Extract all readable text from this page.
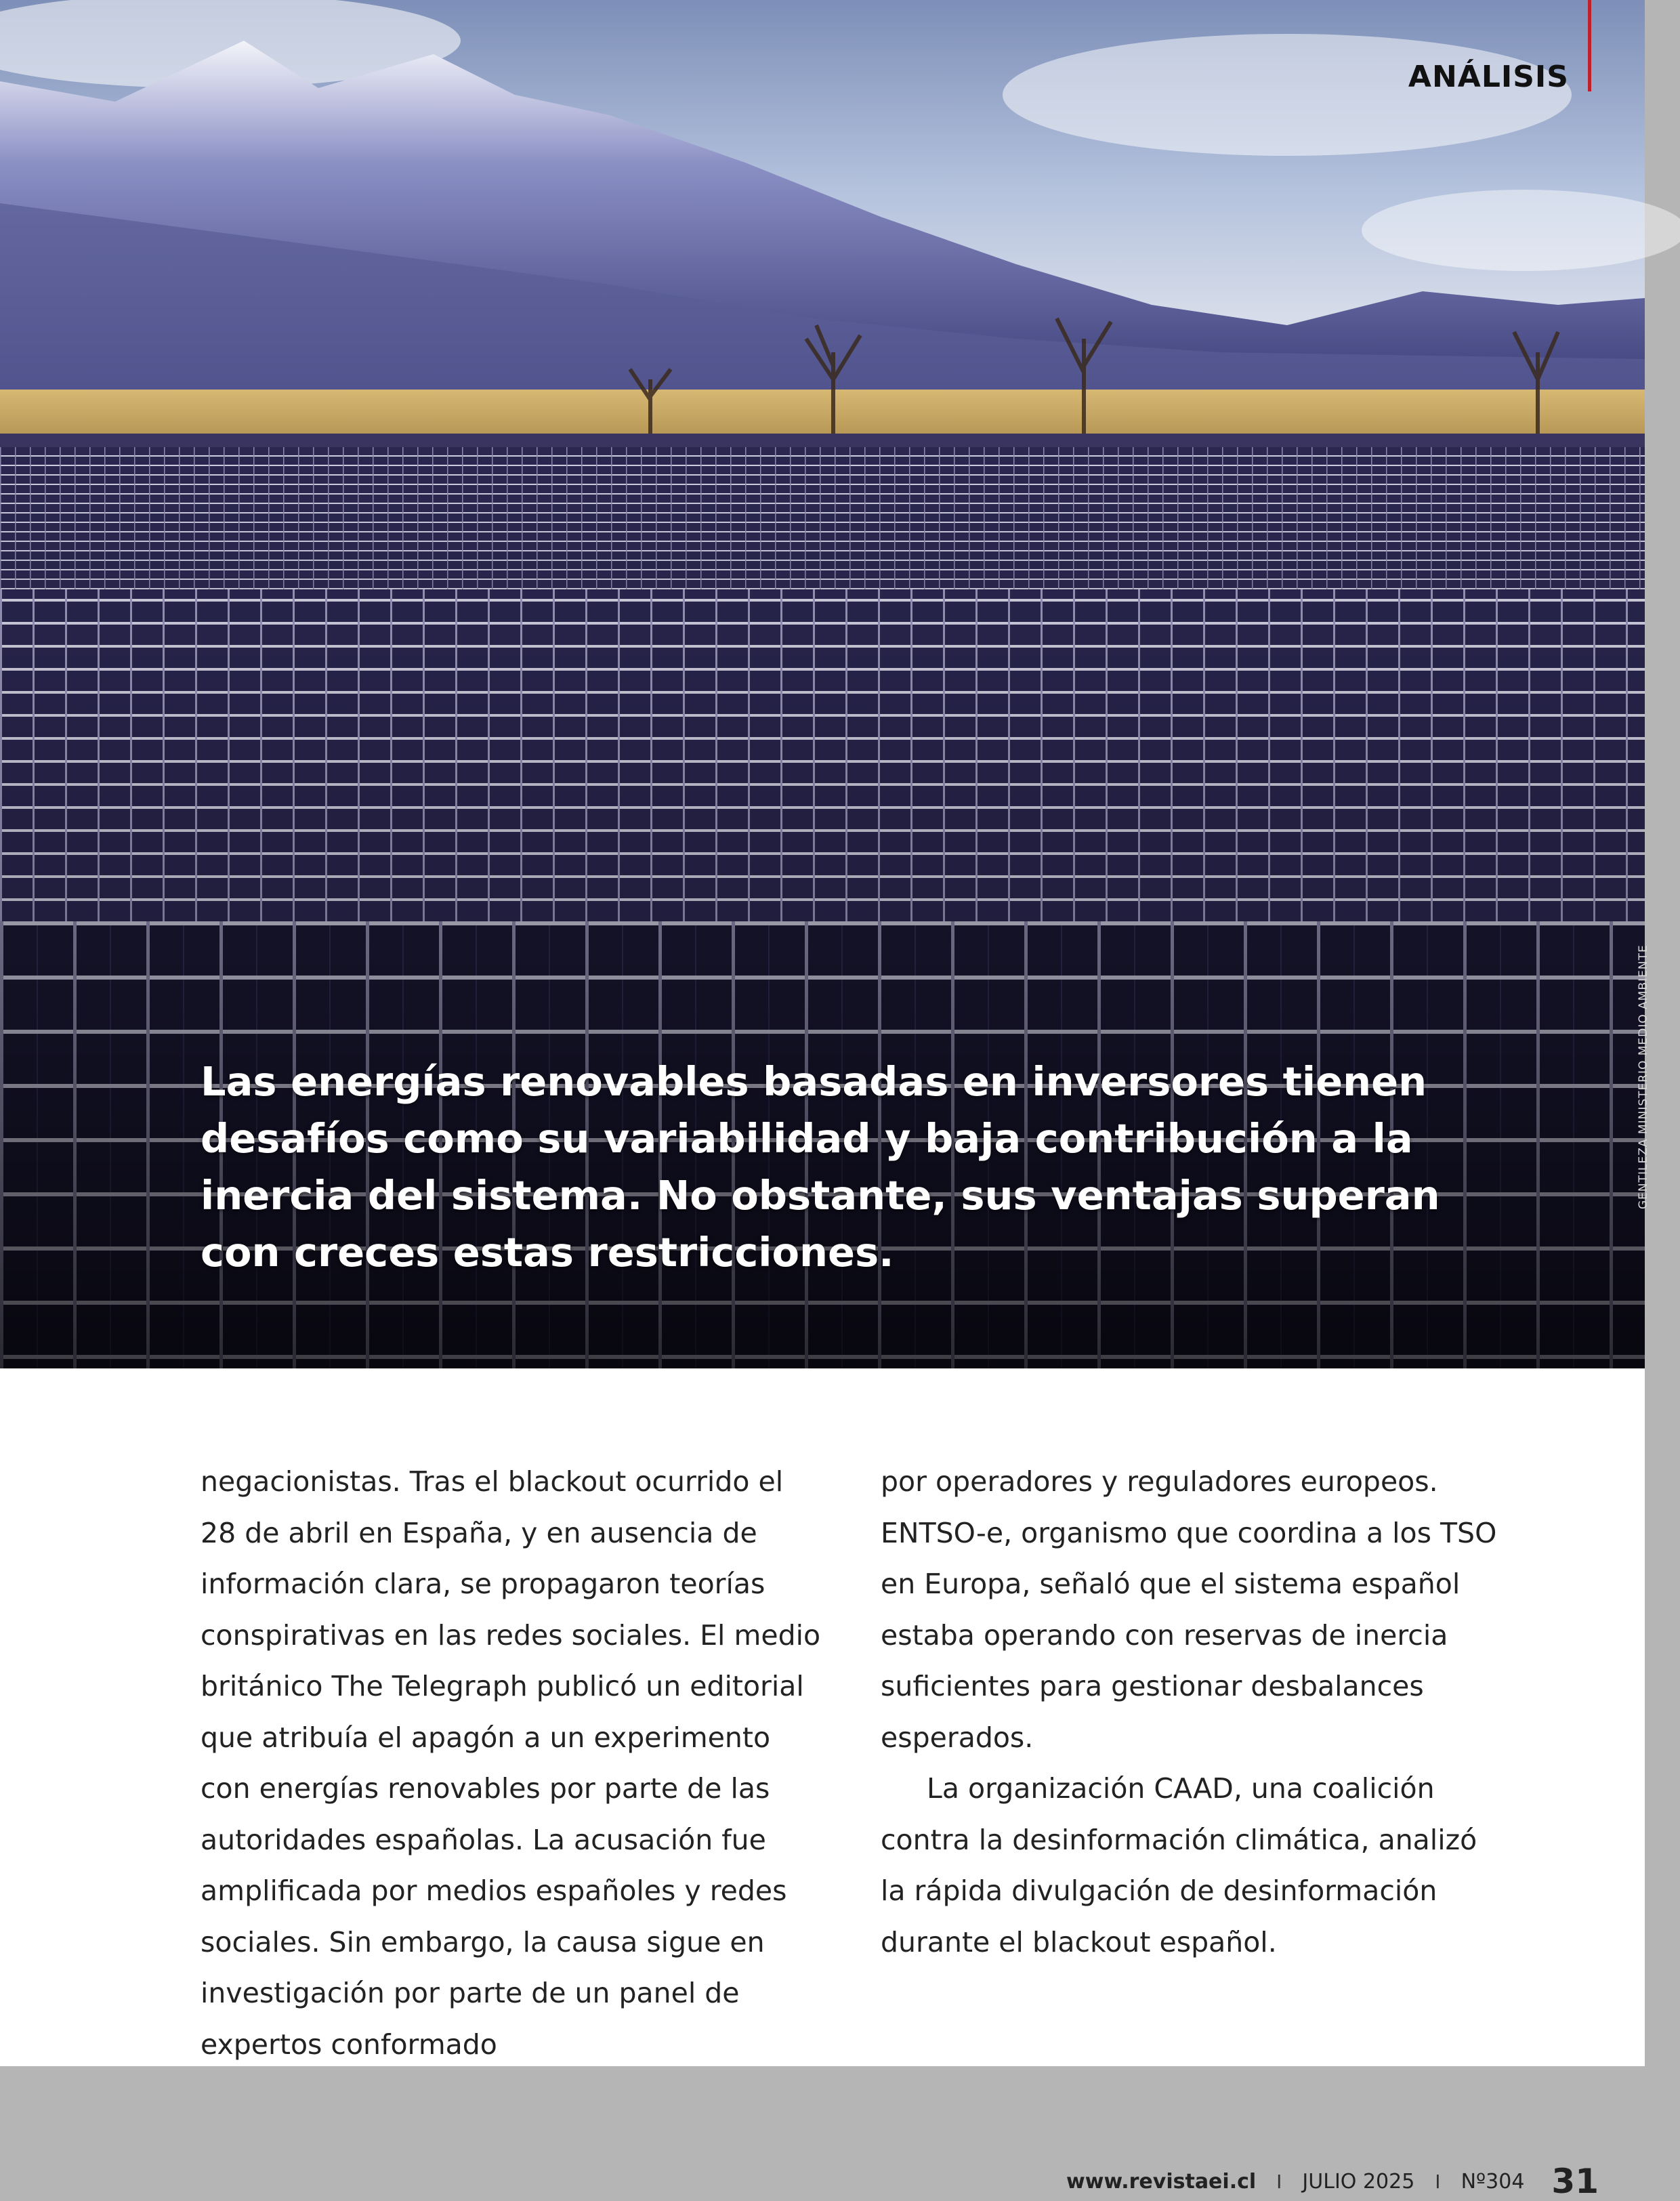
ANÁLISIS
GENTILEZA MINISTERIO MEDIO AMBIENTE
Las energías renovables basadas en inversores tienen desafíos como su variabilidad y baja contribución a la inercia del sistema. No obstante, sus ventajas superan con creces estas restricciones.

negacionistas. Tras el blackout ocurrido el 28 de abril en España, y en ausencia de información clara, se propagaron teorías conspirativas en las redes sociales. El medio británico The Telegraph publicó un editorial que atribuía el apagón a un experimento con energías renovables por parte de las autoridades españolas. La acusación fue amplificada por medios españoles y redes sociales. Sin embargo, la causa sigue en investigación por parte de un panel de expertos conformado

por operadores y reguladores europeos. ENTSO-e, organismo que coordina a los TSO en Europa, señaló que el sistema español estaba operando con reservas de inercia suficientes para gestionar desbalances esperados.

La organización CAAD, una coalición contra la desinformación climática, analizó la rápida divulgación de desinformación durante el blackout español.

www.revistaei.cl I JULIO 2025 I Nº304 31
